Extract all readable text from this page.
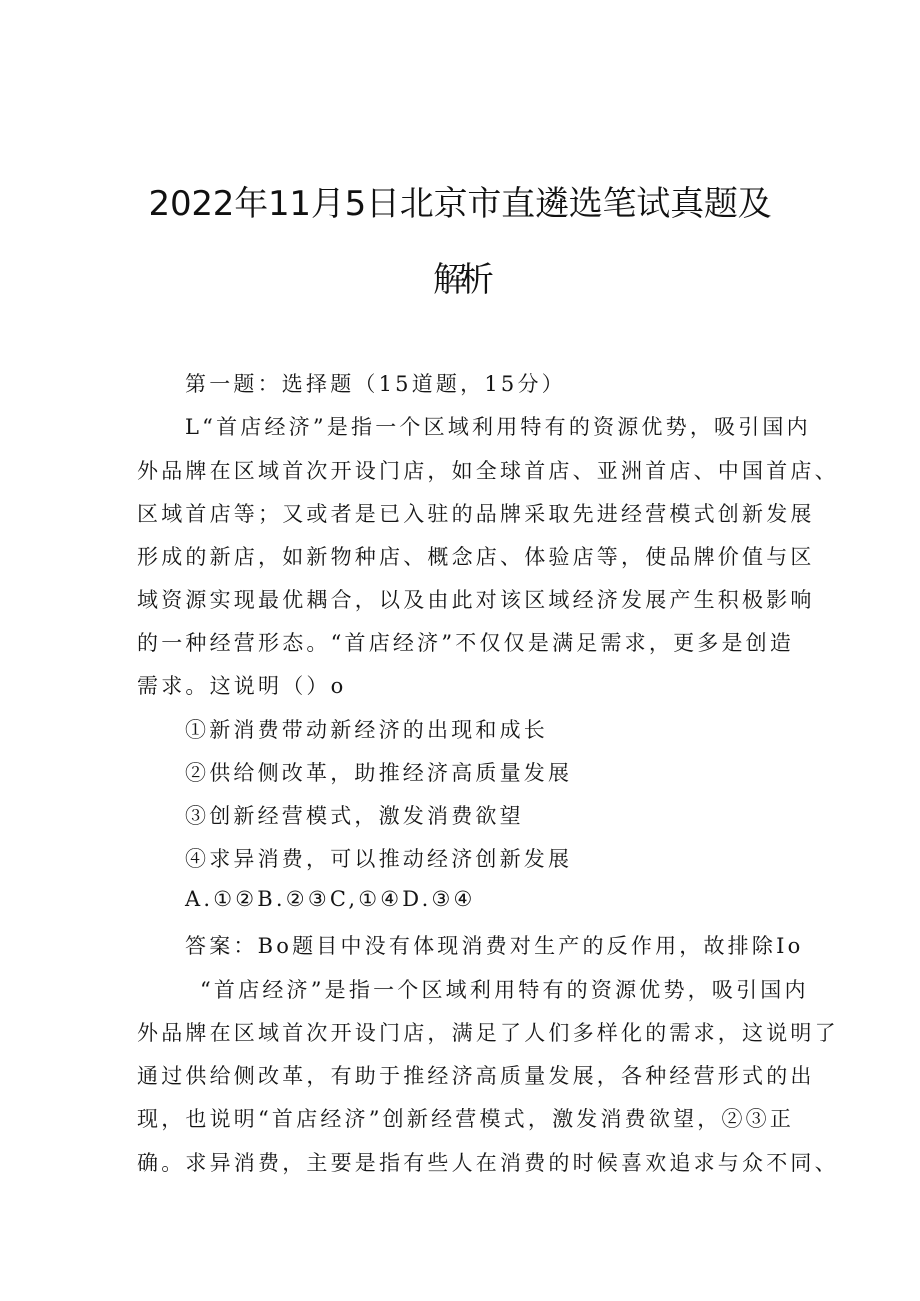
2022年11月5日北京市直遴选笔试真题及
解析
第一题：选择题（15道题，15分）
L“首店经济”是指一个区域利用特有的资源优势，吸引国内
外品牌在区域首次开设门店，如全球首店、亚洲首店、中国首店、
区域首店等；又或者是已入驻的品牌采取先进经营模式创新发展
形成的新店，如新物种店、概念店、体验店等，使品牌价值与区
域资源实现最优耦合，以及由此对该区域经济发展产生积极影响
的一种经营形态。“首店经济”不仅仅是满足需求，更多是创造
需求。这说明（）o
①新消费带动新经济的出现和成长
②供给侧改革，助推经济高质量发展
③创新经营模式，激发消费欲望
④求异消费，可以推动经济创新发展
A.①②B.②③C,①④D.③④
答案：Bo题目中没有体现消费对生产的反作用，故排除Io
“首店经济”是指一个区域利用特有的资源优势，吸引国内
外品牌在区域首次开设门店，满足了人们多样化的需求，这说明了
通过供给侧改革，有助于推经济高质量发展，各种经营形式的出
现，也说明“首店经济”创新经营模式，激发消费欲望，②③正
确。求异消费，主要是指有些人在消费的时候喜欢追求与众不同、
